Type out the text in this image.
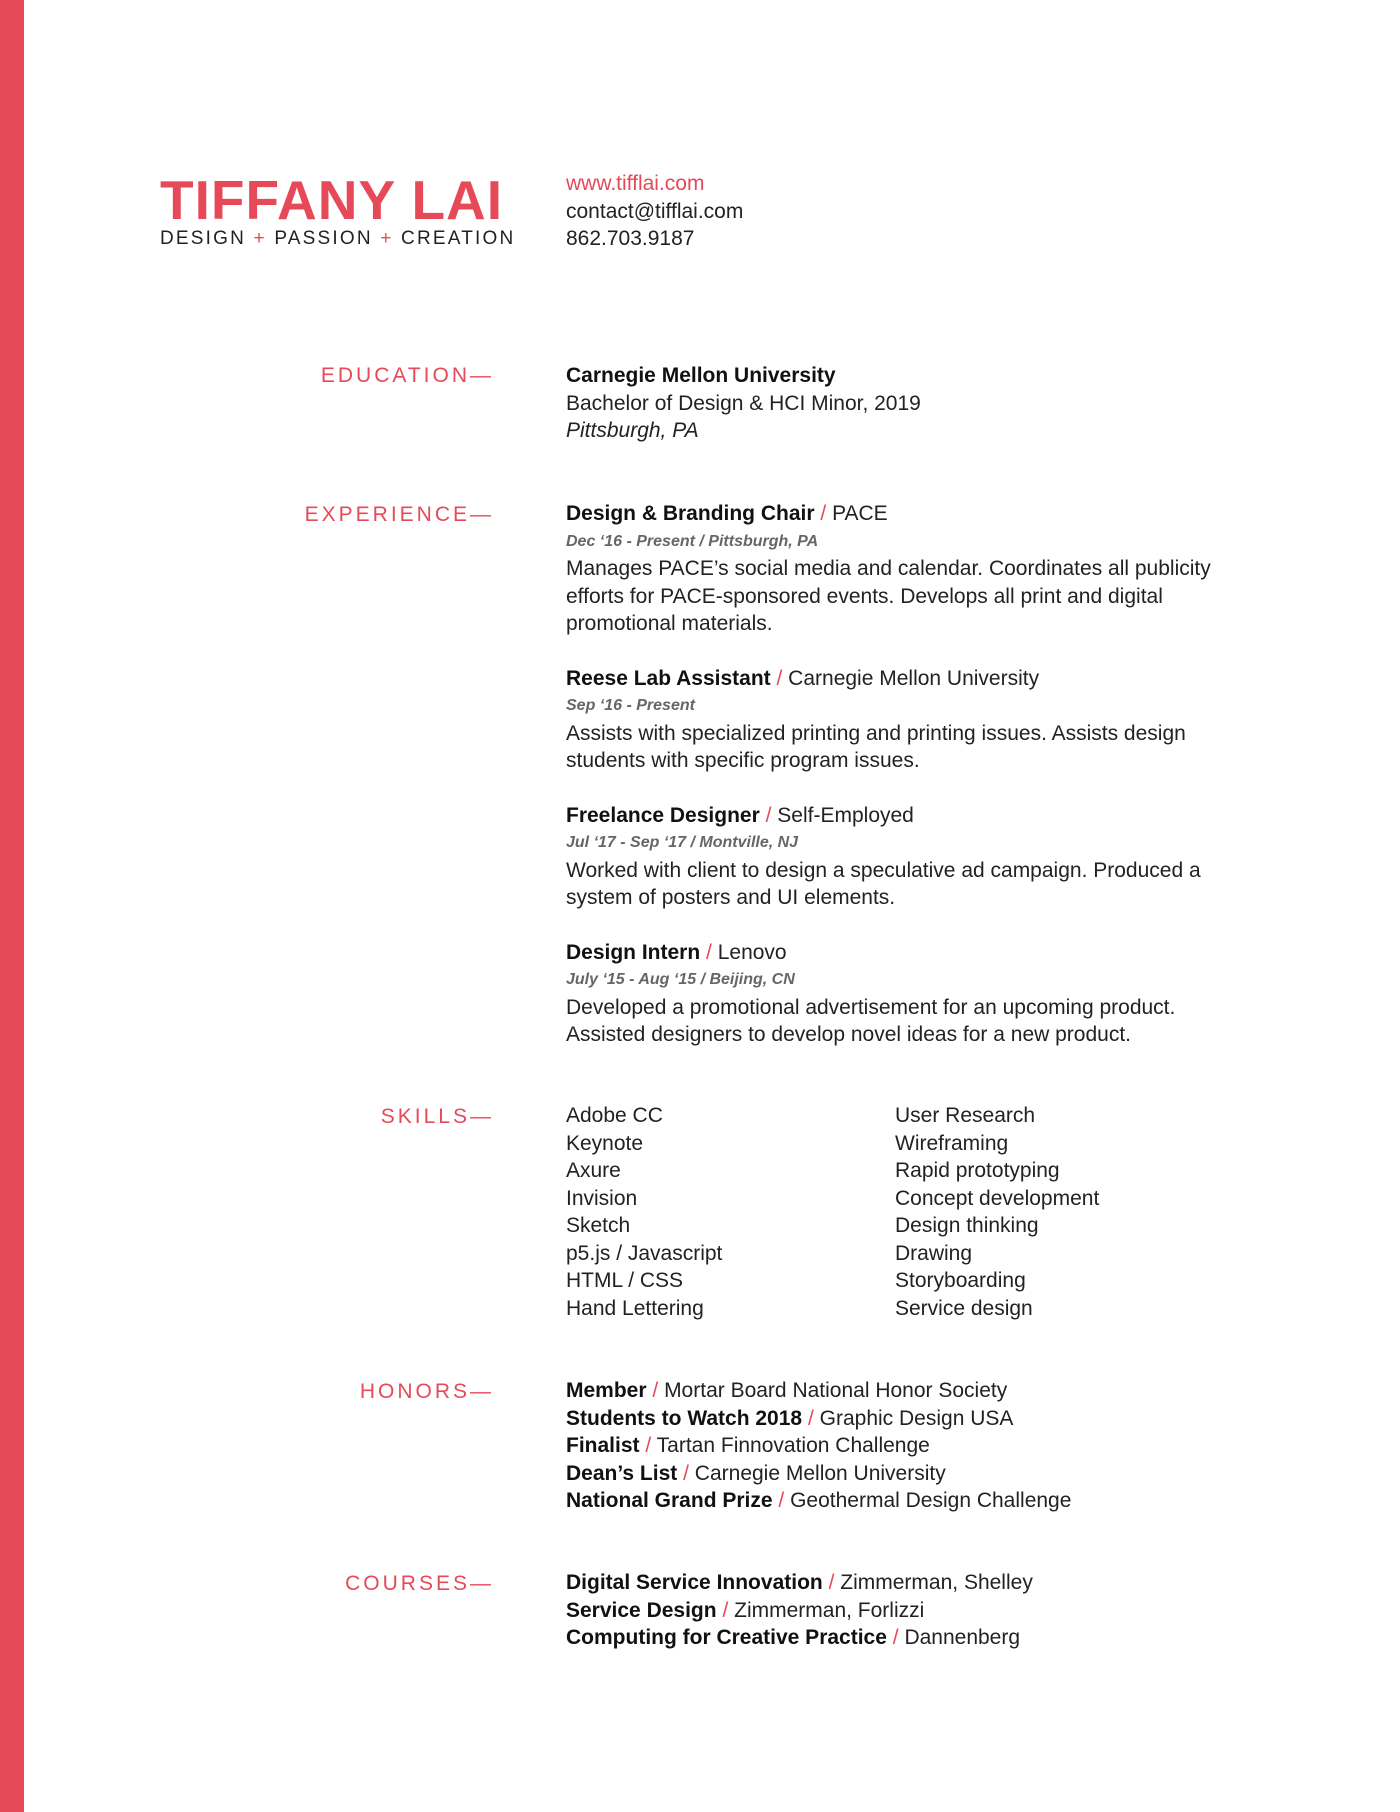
TIFFANY LAI
DESIGN + PASSION + CREATION
www.tifflai.com
contact@tifflai.com
862.703.9187
EDUCATION—	Carnegie Mellon University
Bachelor of Design & HCI Minor, 2019
Pittsburgh, PA
EXPERIENCE—	Design & Branding Chair / PACE
Dec ‘16 - Present / Pittsburgh, PA
Manages PACE’s social media and calendar. Coordinates all publicity efforts for PACE-sponsored events. Develops all print and digital promotional materials.
Reese Lab Assistant / Carnegie Mellon University
Sep ‘16 - Present
Assists with specialized printing and printing issues. Assists design students with specific program issues.
Freelance Designer / Self-Employed
Jul ‘17 - Sep ‘17 / Montville, NJ
Worked with client to design a speculative ad campaign. Produced a system of posters and UI elements.
Design Intern / Lenovo
July ‘15 - Aug ‘15 / Beijing, CN
Developed a promotional advertisement for an upcoming product. Assisted designers to develop novel ideas for a new product.
SKILLS—	Adobe CC
Keynote
Axure
Invision
Sketch
p5.js / Javascript
HTML / CSS
Hand Lettering
User Research
Wireframing
Rapid prototyping
Concept development
Design thinking
Drawing
Storyboarding
Service design
HONORS—	Member / Mortar Board National Honor Society
Students to Watch 2018 / Graphic Design USA
Finalist / Tartan Finnovation Challenge
Dean’s List / Carnegie Mellon University
National Grand Prize / Geothermal Design Challenge
COURSES—	Digital Service Innovation / Zimmerman, Shelley
Service Design / Zimmerman, Forlizzi
Computing for Creative Practice / Dannenberg
